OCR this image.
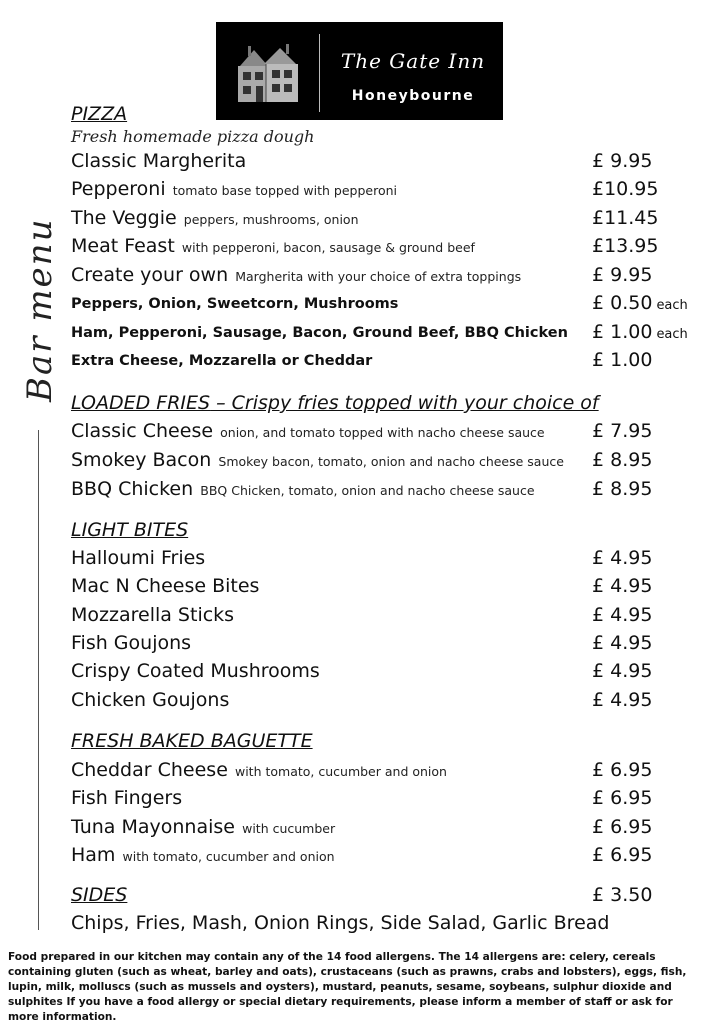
The Gate Inn
Honeybourne
Bar menu
PIZZA
Fresh homemade pizza dough
Classic Margherita	£ 9.95
Pepperoni tomato base topped with pepperoni	£10.95
The Veggie peppers, mushrooms, onion	£11.45
Meat Feast with pepperoni, bacon, sausage & ground beef	£13.95
Create your own Margherita with your choice of extra toppings	£ 9.95
Peppers, Onion, Sweetcorn, Mushrooms	£ 0.50 each
Ham, Pepperoni, Sausage, Bacon, Ground Beef, BBQ Chicken £ 1.00 each
Extra Cheese, Mozzarella or Cheddar	£ 1.00
LOADED FRIES – Crispy fries topped with your choice of
Classic Cheese onion, and tomato topped with nacho cheese sauce £ 7.95
Smokey Bacon Smokey bacon, tomato, onion and nacho cheese sauce £ 8.95
BBQ Chicken BBQ Chicken, tomato, onion and nacho cheese sauce	£ 8.95
LIGHT BITES
Halloumi Fries	£ 4.95
Mac N Cheese Bites	£ 4.95
Mozzarella Sticks	£ 4.95
Fish Goujons	£ 4.95
Crispy Coated Mushrooms	£ 4.95
Chicken Goujons	£ 4.95
FRESH BAKED BAGUETTE
Cheddar Cheese with tomato, cucumber and onion	£ 6.95
Fish Fingers	£ 6.95
Tuna Mayonnaise with cucumber	£ 6.95
Ham with tomato, cucumber and onion	£ 6.95
SIDES	£ 3.50
Chips, Fries, Mash, Onion Rings, Side Salad, Garlic Bread
Food prepared in our kitchen may contain any of the 14 food allergens. The 14 allergens are: celery, cereals containing gluten (such as wheat, barley and oats), crustaceans (such as prawns, crabs and lobsters), eggs, fish, lupin, milk, molluscs (such as mussels and oysters), mustard, peanuts, sesame, soybeans, sulphur dioxide and sulphites If you have a food allergy or special dietary requirements, please inform a member of staff or ask for more information.
